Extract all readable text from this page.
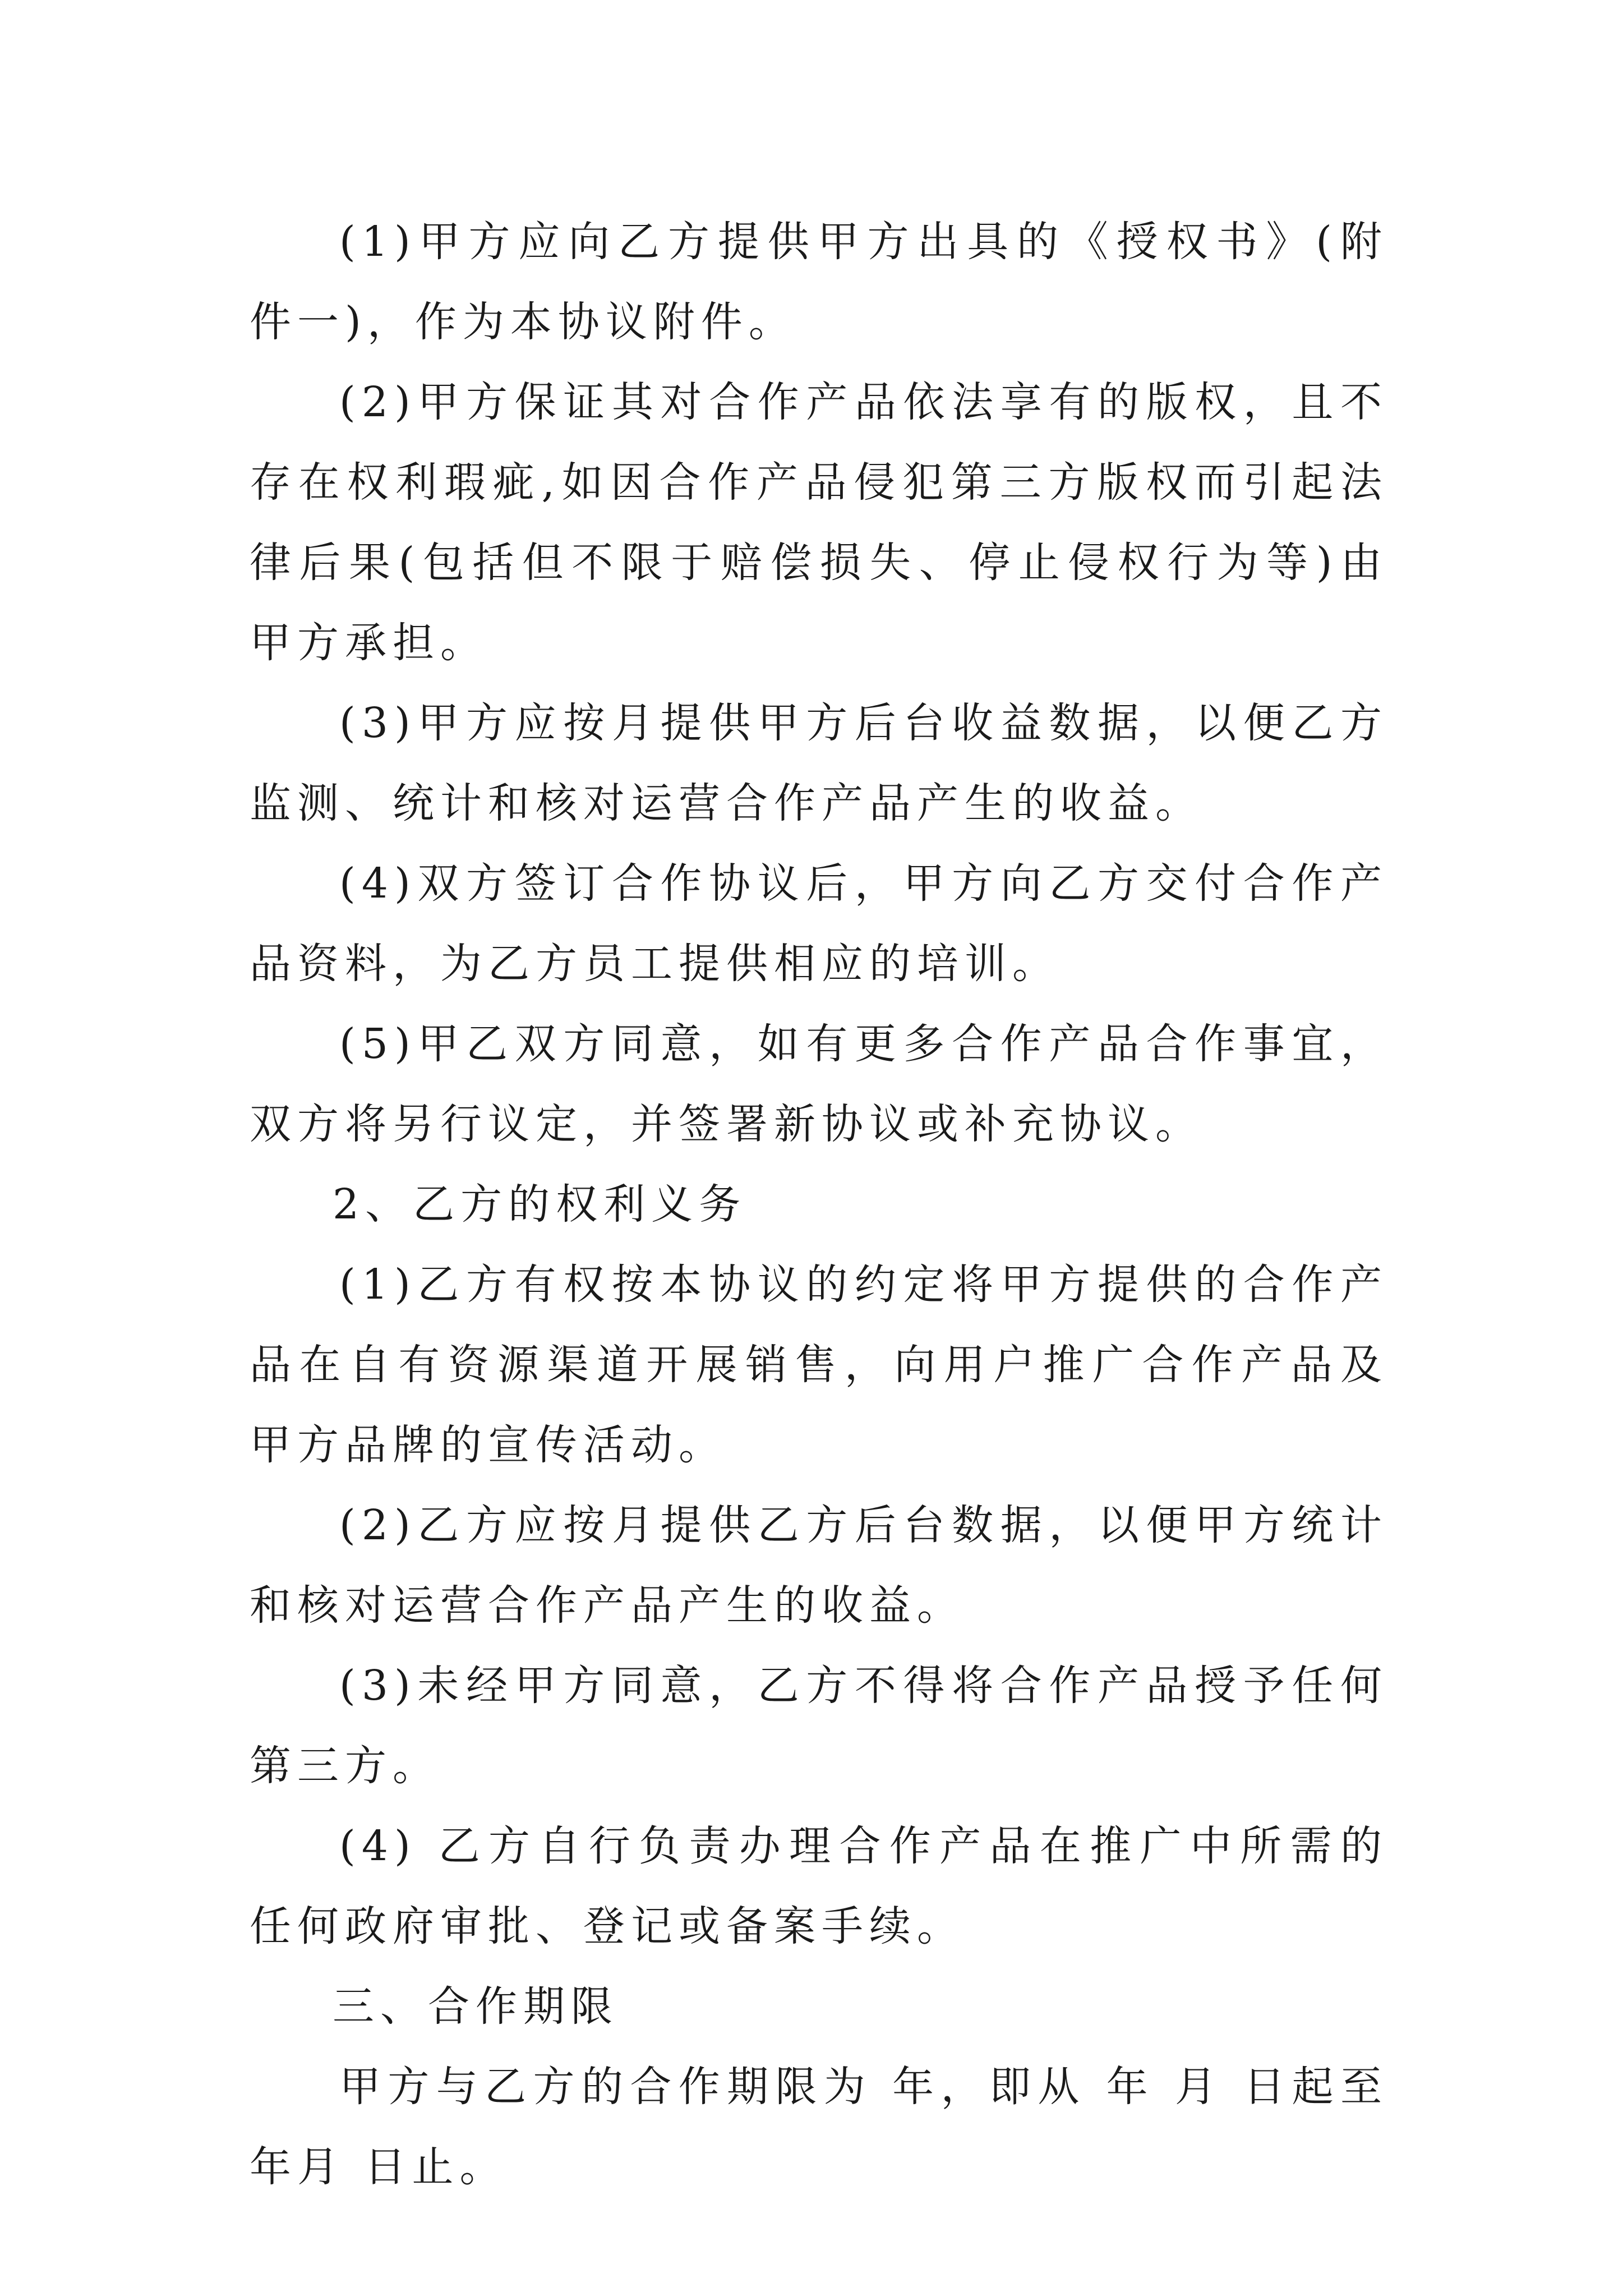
(1)甲方应向乙方提供甲方出具的《授权书》(附件一)，作为本协议附件。

(2)甲方保证其对合作产品依法享有的版权，且不存在权利瑕疵,如因合作产品侵犯第三方版权而引起法律后果(包括但不限于赔偿损失、停止侵权行为等)由甲方承担。

(3)甲方应按月提供甲方后台收益数据，以便乙方监测、统计和核对运营合作产品产生的收益。

(4)双方签订合作协议后，甲方向乙方交付合作产品资料，为乙方员工提供相应的培训。

(5)甲乙双方同意，如有更多合作产品合作事宜，双方将另行议定，并签署新协议或补充协议。

2、乙方的权利义务

(1)乙方有权按本协议的约定将甲方提供的合作产品在自有资源渠道开展销售，向用户推广合作产品及甲方品牌的宣传活动。

(2)乙方应按月提供乙方后台数据，以便甲方统计和核对运营合作产品产生的收益。

(3)未经甲方同意，乙方不得将合作产品授予任何第三方。

(4) 乙方自行负责办理合作产品在推广中所需的任何政府审批、登记或备案手续。

三、合作期限

甲方与乙方的合作期限为 年，即从 年 月 日起至 年月 日止。
